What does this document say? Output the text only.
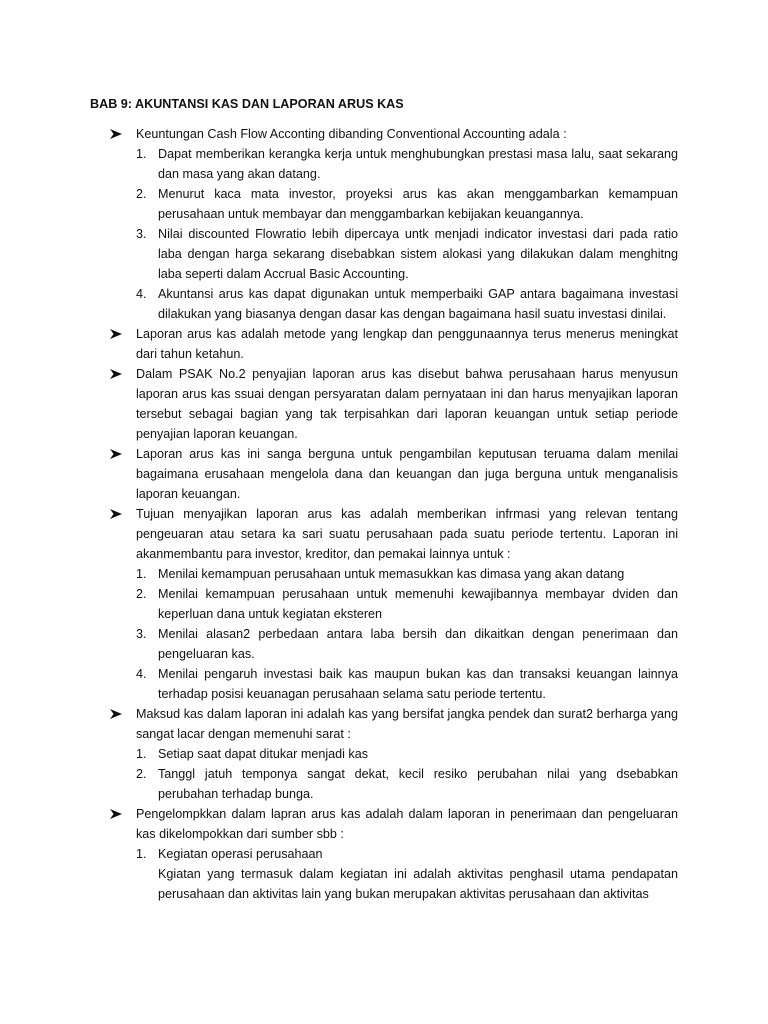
BAB 9: AKUNTANSI KAS DAN LAPORAN ARUS KAS
Keuntungan Cash Flow Acconting dibanding Conventional Accounting adala :
1. Dapat memberikan kerangka kerja untuk menghubungkan prestasi masa lalu, saat sekarang dan masa yang akan datang.
2. Menurut kaca mata investor, proyeksi arus kas akan menggambarkan kemampuan perusahaan untuk membayar dan menggambarkan kebijakan keuangannya.
3. Nilai discounted Flowratio lebih dipercaya untk menjadi indicator investasi dari pada ratio laba dengan harga sekarang disebabkan sistem alokasi yang dilakukan dalam menghitng laba seperti dalam Accrual Basic Accounting.
4. Akuntansi arus kas dapat digunakan untuk memperbaiki GAP antara bagaimana investasi dilakukan yang biasanya dengan dasar kas dengan bagaimana hasil suatu investasi dinilai.
Laporan arus kas adalah metode yang lengkap dan penggunaannya terus menerus meningkat dari tahun ketahun.
Dalam PSAK No.2 penyajian laporan arus kas disebut bahwa perusahaan harus menyusun laporan arus kas ssuai dengan persyaratan dalam pernyataan ini dan harus menyajikan laporan tersebut sebagai bagian yang tak terpisahkan dari laporan keuangan untuk setiap periode penyajian laporan keuangan.
Laporan arus kas ini sanga berguna untuk pengambilan keputusan teruama dalam menilai bagaimana erusahaan mengelola dana dan keuangan dan juga berguna untuk menganalisis laporan keuangan.
Tujuan menyajikan laporan arus kas adalah memberikan infrmasi yang relevan tentang pengeuaran atau setara ka sari suatu perusahaan pada suatu periode tertentu. Laporan ini akanmembantu para investor, kreditor, dan pemakai lainnya untuk :
1. Menilai kemampuan perusahaan untuk memasukkan kas dimasa yang akan datang
2. Menilai kemampuan perusahaan untuk memenuhi kewajibannya membayar dviden dan keperluan dana untuk kegiatan eksteren
3. Menilai alasan2 perbedaan antara laba bersih dan dikaitkan dengan penerimaan dan pengeluaran kas.
4. Menilai pengaruh investasi baik kas maupun bukan kas dan transaksi keuangan lainnya terhadap posisi keuanagan perusahaan selama satu periode tertentu.
Maksud kas dalam laporan ini adalah kas yang bersifat jangka pendek dan surat2 berharga yang sangat lacar dengan memenuhi sarat :
1. Setiap saat dapat ditukar menjadi kas
2. Tanggl jatuh temponya sangat dekat, kecil resiko perubahan nilai yang dsebabkan perubahan terhadap bunga.
Pengelompkkan dalam lapran arus kas adalah dalam laporan in penerimaan dan pengeluaran kas dikelompokkan dari sumber sbb :
1. Kegiatan operasi perusahaan
Kgiatan yang termasuk dalam kegiatan ini adalah aktivitas penghasil utama pendapatan perusahaan dan aktivitas lain yang bukan merupakan aktivitas perusahaan dan aktivitas
